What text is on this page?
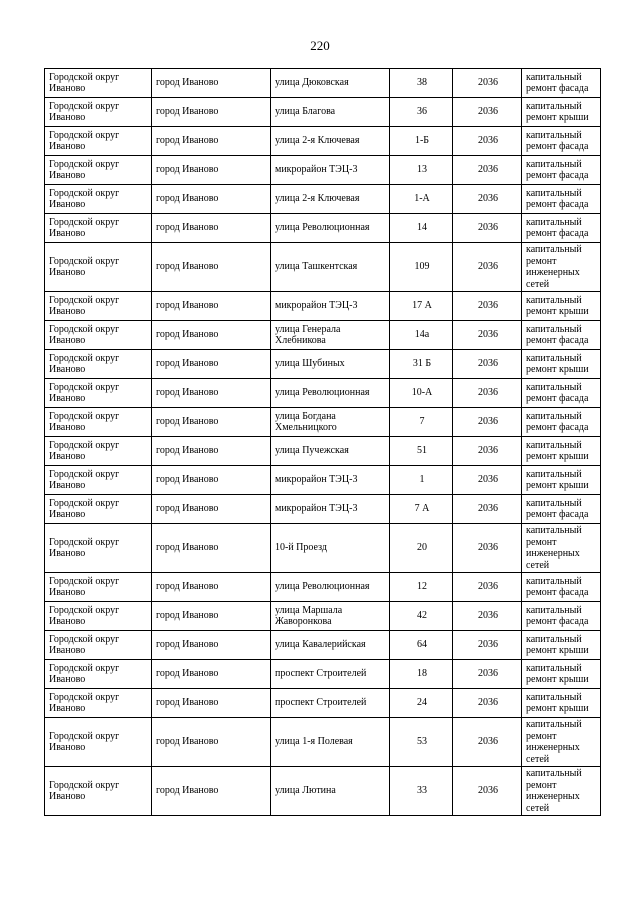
220
Городской округ Иваново	город Иваново	улица Дюковская	38	2036	капитальный ремонт фасада
Городской округ Иваново	город Иваново	улица Благова	36	2036	капитальный ремонт крыши
Городской округ Иваново	город Иваново	улица 2-я Ключевая	1-Б	2036	капитальный ремонт фасада
Городской округ Иваново	город Иваново	микрорайон ТЭЦ-3	13	2036	капитальный ремонт фасада
Городской округ Иваново	город Иваново	улица 2-я Ключевая	1-А	2036	капитальный ремонт фасада
Городской округ Иваново	город Иваново	улица Революционная	14	2036	капитальный ремонт фасада
Городской округ Иваново	город Иваново	улица Ташкентская	109	2036	капитальный ремонт инженерных сетей
Городской округ Иваново	город Иваново	микрорайон ТЭЦ-3	17 А	2036	капитальный ремонт крыши
Городской округ Иваново	город Иваново	улица Генерала Хлебникова	14а	2036	капитальный ремонт фасада
Городской округ Иваново	город Иваново	улица Шубиных	31 Б	2036	капитальный ремонт крыши
Городской округ Иваново	город Иваново	улица Революционная	10-А	2036	капитальный ремонт фасада
Городской округ Иваново	город Иваново	улица Богдана Хмельницкого	7	2036	капитальный ремонт фасада
Городской округ Иваново	город Иваново	улица Пучежская	51	2036	капитальный ремонт крыши
Городской округ Иваново	город Иваново	микрорайон ТЭЦ-3	1	2036	капитальный ремонт крыши
Городской округ Иваново	город Иваново	микрорайон ТЭЦ-3	7 А	2036	капитальный ремонт фасада
Городской округ Иваново	город Иваново	10-й Проезд	20	2036	капитальный ремонт инженерных сетей
Городской округ Иваново	город Иваново	улица Революционная	12	2036	капитальный ремонт фасада
Городской округ Иваново	город Иваново	улица Маршала Жаворонкова	42	2036	капитальный ремонт фасада
Городской округ Иваново	город Иваново	улица Кавалерийская	64	2036	капитальный ремонт крыши
Городской округ Иваново	город Иваново	проспект Строителей	18	2036	капитальный ремонт крыши
Городской округ Иваново	город Иваново	проспект Строителей	24	2036	капитальный ремонт крыши
Городской округ Иваново	город Иваново	улица 1-я Полевая	53	2036	капитальный ремонт инженерных сетей
Городской округ Иваново	город Иваново	улица Лютина	33	2036	капитальный ремонт инженерных сетей
